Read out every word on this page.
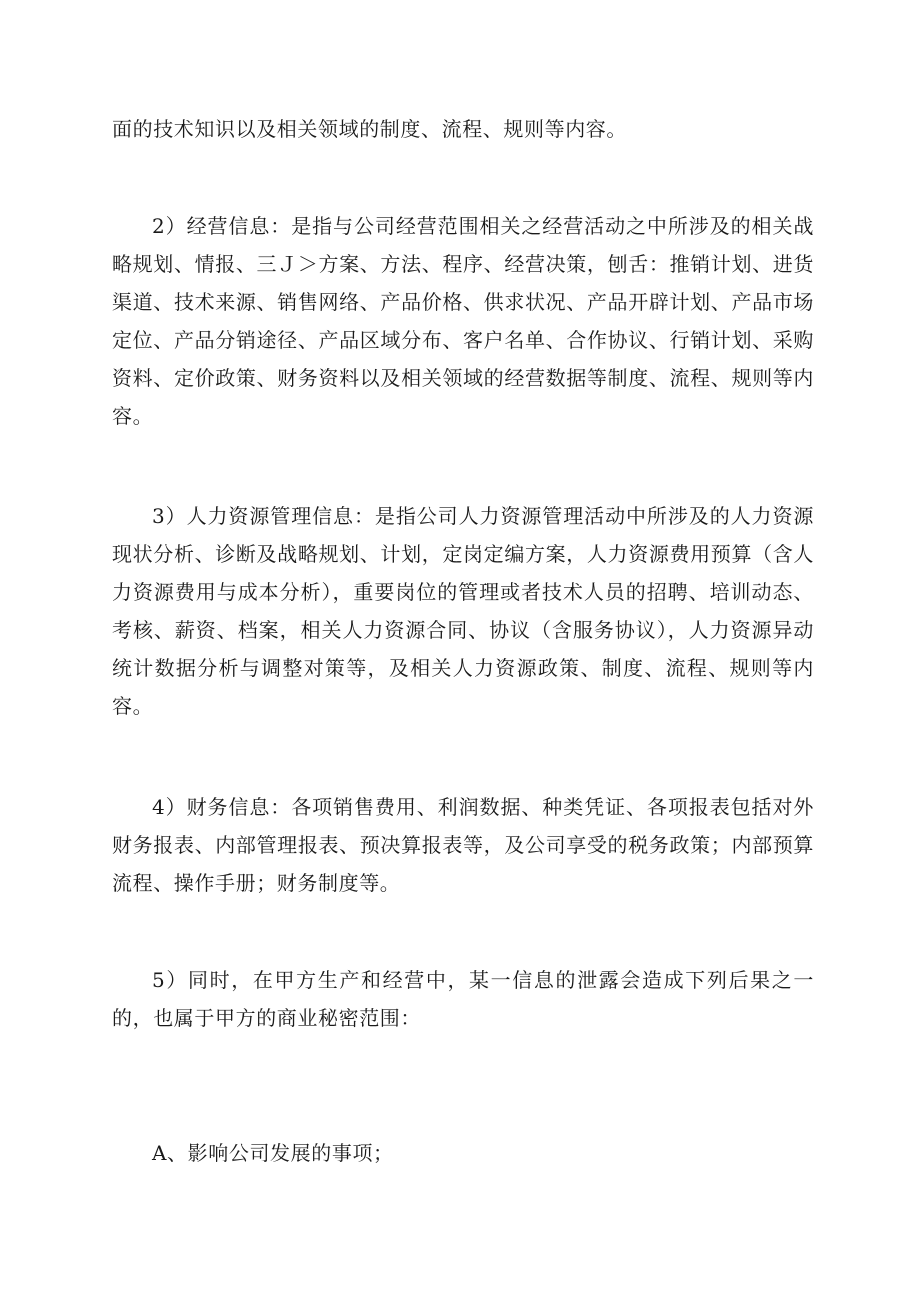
面的技术知识以及相关领域的制度、流程、规则等内容。

2）经营信息：是指与公司经营范围相关之经营活动之中所涉及的相关战略规划、情报、三Ｊ＞方案、方法、程序、经营决策，刨舌：推销计划、进货渠道、技术来源、销售网络、产品价格、供求状况、产品开辟计划、产品市场定位、产品分销途径、产品区域分布、客户名单、合作协议、行销计划、采购资料、定价政策、财务资料以及相关领域的经营数据等制度、流程、规则等内容。

3）人力资源管理信息：是指公司人力资源管理活动中所涉及的人力资源现状分析、诊断及战略规划、计划，定岗定编方案，人力资源费用预算（含人力资源费用与成本分析），重要岗位的管理或者技术人员的招聘、培训动态、考核、薪资、档案，相关人力资源合同、协议（含服务协议），人力资源异动统计数据分析与调整对策等，及相关人力资源政策、制度、流程、规则等内容。

4）财务信息：各项销售费用、利润数据、种类凭证、各项报表包括对外财务报表、内部管理报表、预决算报表等，及公司享受的税务政策；内部预算流程、操作手册；财务制度等。

5）同时，在甲方生产和经营中，某一信息的泄露会造成下列后果之一的，也属于甲方的商业秘密范围：

A、影响公司发展的事项；
